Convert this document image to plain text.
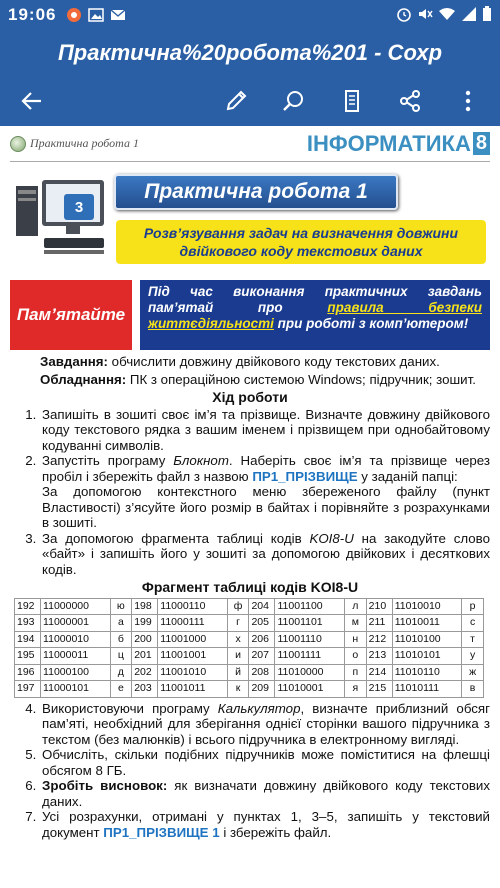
19:06
Практична%20робота%201 - Сохр
Практична робота 1	ІНФОРМАТИКА 8
3
Практична робота 1
Розв’язування задач на визначення довжини
двійкового коду текстових даних
Пам’ятайте
Під час виконання практичних завдань пам’ятай про правила безпеки життєдіяльності при роботі з комп’ютером!
Завдання: обчислити довжину двійкового коду текстових даних.
Обладнання: ПК з операційною системою Windows; підручник; зошит.
Хід роботи
1. Запишіть в зошиті своє ім’я та прізвище. Визначте довжину двійкового коду текстового рядка з вашим іменем і прізвищем при однобайтовому кодуванні символів.
2. Запустіть програму Блокнот. Наберіть своє ім’я та прізвище через пробіл і збережіть файл з назвою ПР1_ПРІЗВИЩЕ у заданій папці:
За допомогою контекстного меню збереженого файлу (пункт Властивості) з’ясуйте його розмір в байтах і порівняйте з розрахунками в зошиті.
3. За допомогою фрагмента таблиці кодів KOI8-U на закодуйте слово «байт» і запишіть його у зошиті за допомогою двійкових і десяткових кодів.
Фрагмент таблиці кодів KOI8-U
192	11000000	ю	198	11000110	ф	204	11001100	л	210	11010010	р
193	11000001	а	199	11000111	г	205	11001101	м	211	11010011	с
194	11000010	б	200	11001000	х	206	11001110	н	212	11010100	т
195	11000011	ц	201	11001001	и	207	11001111	о	213	11010101	у
196	11000100	д	202	11001010	й	208	11010000	п	214	11010110	ж
197	11000101	е	203	11001011	к	209	11010001	я	215	11010111	в
4. Використовуючи програму Калькулятор, визначте приблизний обсяг пам’яті, необхідний для зберігання однієї сторінки вашого підручника з текстом (без малюнків) і всього підручника в електронному вигляді.
5. Обчисліть, скільки подібних підручників може поміститися на флешці обсягом 8 ГБ.
6. Зробіть висновок: як визначати довжину двійкового коду текстових даних.
7. Усі розрахунки, отримані у пунктах 1, 3–5, запишіть у текстовий документ ПР1_ПРІЗВИЩЕ 1 і збережіть файл.
